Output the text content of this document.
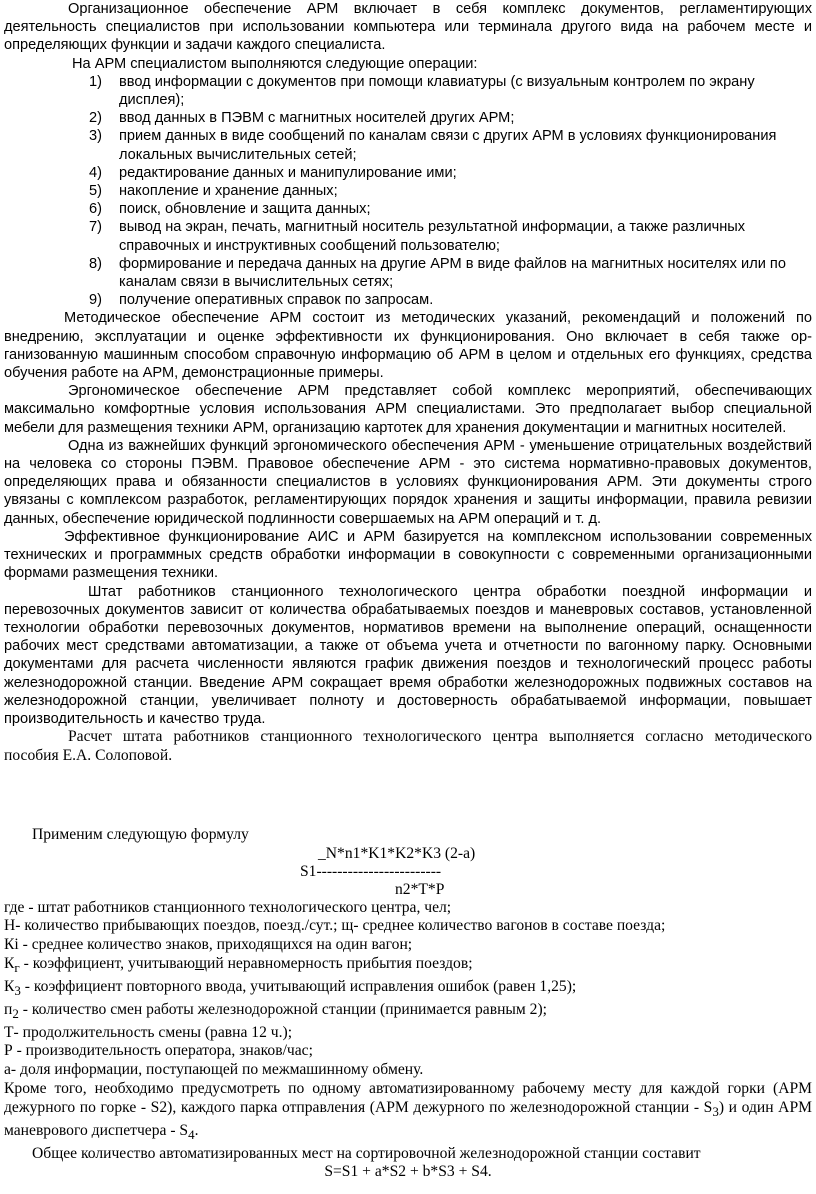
Организационное обеспечение АРМ включает в себя комплекс документов, регламентирующих деятельность специалистов при использовании компьютера или терминала другого вида на рабочем месте и определяющих функции и задачи каждого специалиста.

На АРМ специалистом выполняются следующие операции:

1)	ввод информации с документов при помощи клавиатуры (с визуальным контролем по экрану дисплея);
2)	ввод данных в ПЭВМ с магнитных носителей других АРМ;
3)	прием данных в виде сообщений по каналам связи с других АРМ в условиях функционирования локальных вычислительных сетей;
4)	редактирование данных и манипулирование ими;
5)	накопление и хранение данных;
6)	поиск, обновление и защита данных;
7)	вывод на экран, печать, магнитный носитель результатной информации, а также различных справочных и инструктивных сообщений пользователю;
8)	формирование и передача данных на другие АРМ в виде файлов на магнитных носителях или по каналам связи в вычислительных сетях;
9)	получение оперативных справок по запросам.

Методическое обеспечение АРМ состоит из методических указаний, рекомендаций и положений по внедрению, эксплуатации и оценке эффективности их функционирования. Оно включает в себя также ор-ганизованную машинным способом справочную информацию об АРМ в целом и отдельных его функциях, средства обучения работе на АРМ, демонстрационные примеры.

Эргономическое обеспечение АРМ представляет собой комплекс мероприятий, обеспечивающих максимально комфортные условия использования АРМ специалистами. Это предполагает выбор специальной мебели для размещения техники АРМ, организацию картотек для хранения документации и магнитных носителей.

Одна из важнейших функций эргономического обеспечения АРМ - уменьшение отрицательных воздействий на человека со стороны ПЭВМ. Правовое обеспечение АРМ - это система нормативно-правовых документов, определяющих права и обязанности специалистов в условиях функционирования АРМ. Эти документы строго увязаны с комплексом разработок, регламентирующих порядок хранения и защиты информации, правила ревизии данных, обеспечение юридической подлинности совершаемых на АРМ операций и т. д.

Эффективное функционирование АИС и АРМ базируется на комплексном использовании современных технических и программных средств обработки информации в совокупности с современными организационными формами размещения техники.

Штат работников станционного технологического центра обработки поездной информации и перевозочных документов зависит от количества обрабатываемых поездов и маневровых составов, установленной технологии обработки перевозочных документов, нормативов времени на выполнение операций, оснащенности рабочих мест средствами автоматизации, а также от объема учета и отчетности по вагонному парку. Основными документами для расчета численности являются график движения поездов и технологический процесс работы железнодорожной станции. Введение АРМ сокращает время обработки железнодорожных подвижных составов на железнодорожной станции, увеличивает полноту и достоверность обрабатываемой информации, повышает производительность и качество труда.

Расчет штата работников станционного технологического центра выполняется согласно методического пособия Е.А. Солоповой.

Применим следующую формулу

_N*n1*K1*K2*K3 (2-а)
S1------------------------
n2*T*P

где - штат работников станционного технологического центра, чел;

Н- количество прибывающих поездов, поезд./сут.; щ- среднее количество вагонов в составе поезда;

Кi - среднее количество знаков, приходящихся на один вагон;

$К_г$ - коэффициент, учитывающий неравномерность прибытия поездов;

$К_3$ - коэффициент повторного ввода, учитывающий исправления ошибок (равен 1,25);

$п_2$ - количество смен работы железнодорожной станции (принимается равным 2);

Т- продолжительность смены (равна 12 ч.);

Р - производительность оператора, знаков/час;

а- доля информации, поступающей по межмашинному обмену.

Кроме того, необходимо предусмотреть по одному автоматизированному рабочему месту для каждой горки (АРМ дежурного по горке - S2), каждого парка отправления (АРМ дежурного по железнодорожной станции - $S_3$) и один АРМ маневрового диспетчера - $S_4$.

Общее количество автоматизированных мест на сортировочной железнодорожной станции составит

S=S1 + а*S2 + b*S3 + S4.
